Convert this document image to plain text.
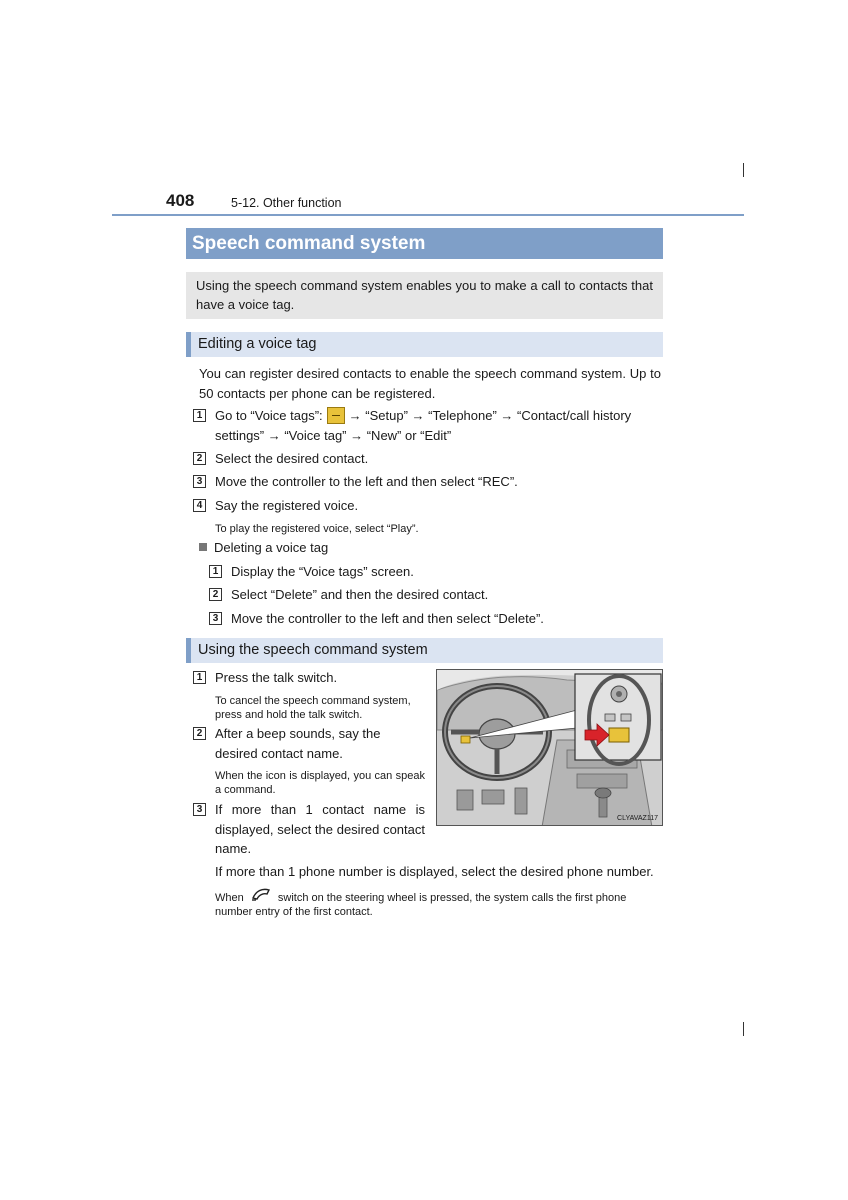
408	5-12. Other function
Speech command system
Using the speech command system enables you to make a call to contacts that have a voice tag.
Editing a voice tag
You can register desired contacts to enable the speech command system. Up to 50 contacts per phone can be registered.
1 Go to “Voice tags”: → “Setup” → “Telephone” → “Contact/call history settings” → “Voice tag” → “New” or “Edit”
2 Select the desired contact.
3 Move the controller to the left and then select “REC”.
4 Say the registered voice.
To play the registered voice, select “Play”.
Deleting a voice tag
1 Display the “Voice tags” screen.
2 Select “Delete” and then the desired contact.
3 Move the controller to the left and then select “Delete”.
Using the speech command system
1 Press the talk switch.
To cancel the speech command system, press and hold the talk switch.
2 After a beep sounds, say the desired contact name.
When the icon is displayed, you can speak a command.
3 If more than 1 contact name is displayed, select the desired contact name.
If more than 1 phone number is displayed, select the desired phone number.
When	switch on the steering wheel is pressed, the system calls the first phone number entry of the first contact.
CLYAVAZ117
